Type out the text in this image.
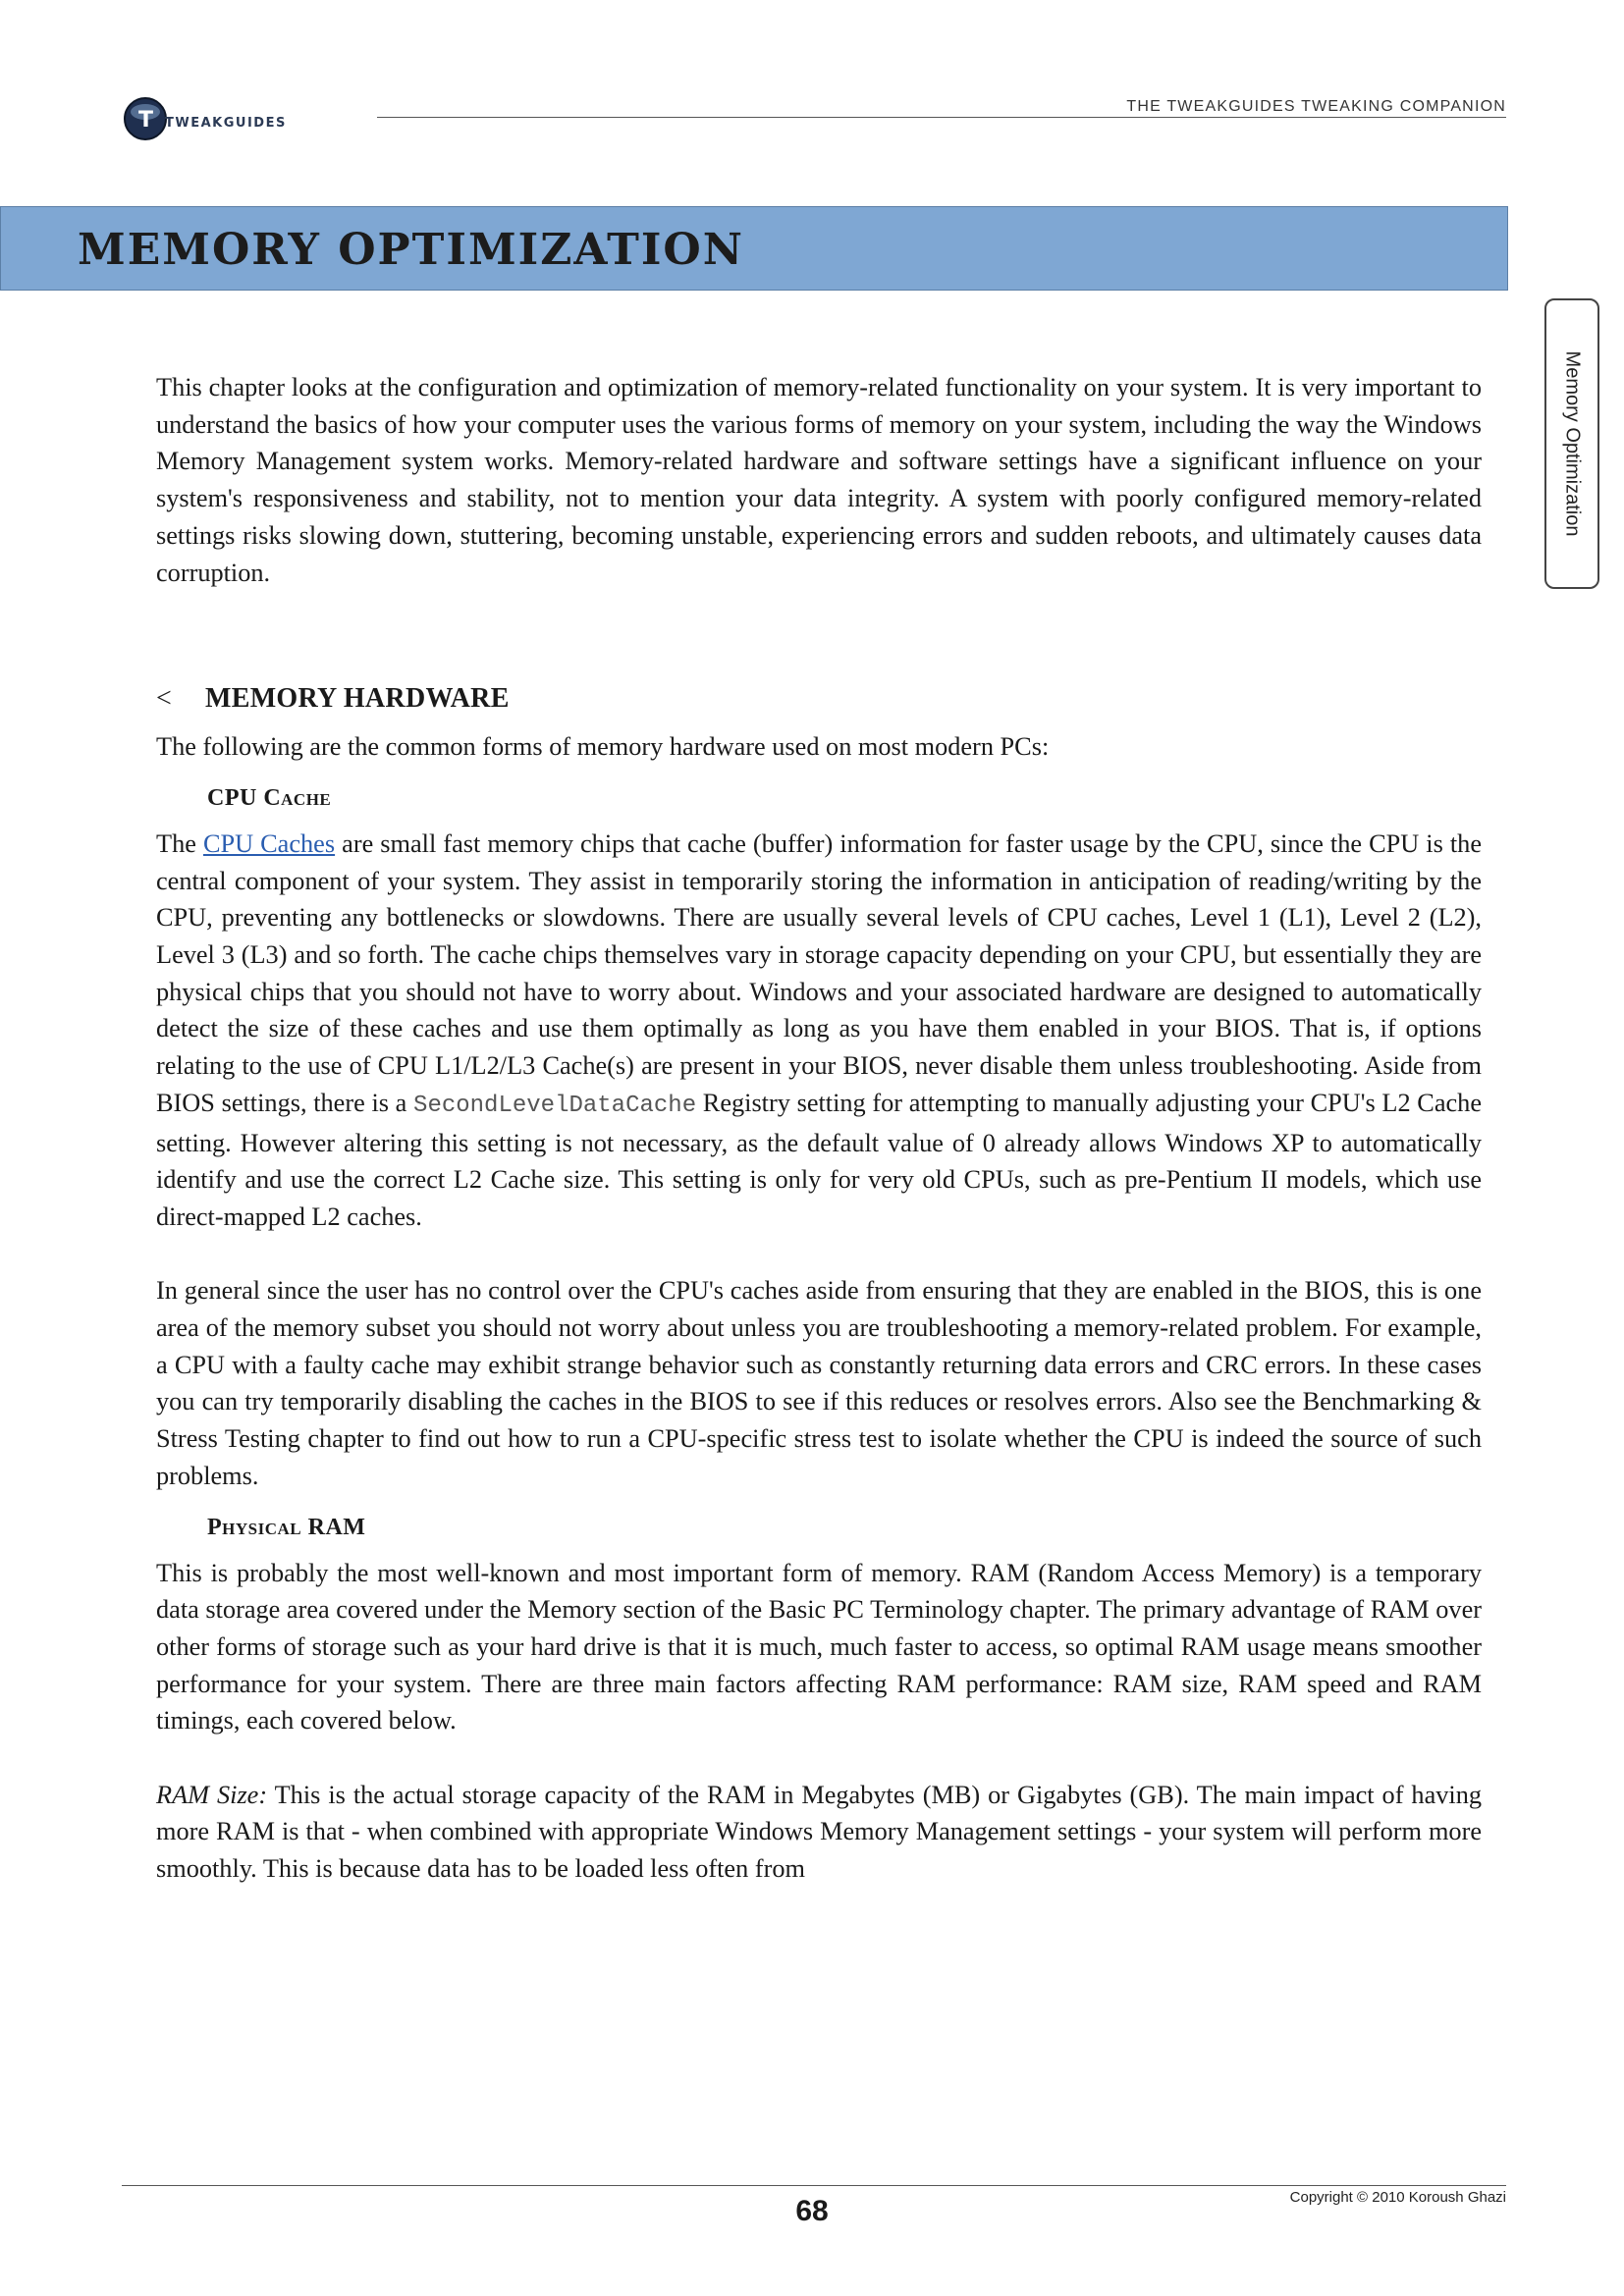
T TWEAKGUIDES
THE TWEAKGUIDES TWEAKING COMPANION
MEMORY OPTIMIZATION
Memory Optimization

This chapter looks at the configuration and optimization of memory-related functionality on your system. It is very important to understand the basics of how your computer uses the various forms of memory on your system, including the way the Windows Memory Management system works. Memory-related hardware and software settings have a significant influence on your system's responsiveness and stability, not to mention your data integrity. A system with poorly configured memory-related settings risks slowing down, stuttering, becoming unstable, experiencing errors and sudden reboots, and ultimately causes data corruption.

< MEMORY HARDWARE

The following are the common forms of memory hardware used on most modern PCs:

CPU Cache

The CPU Caches are small fast memory chips that cache (buffer) information for faster usage by the CPU, since the CPU is the central component of your system. They assist in temporarily storing the information in anticipation of reading/writing by the CPU, preventing any bottlenecks or slowdowns. There are usually several levels of CPU caches, Level 1 (L1), Level 2 (L2), Level 3 (L3) and so forth. The cache chips themselves vary in storage capacity depending on your CPU, but essentially they are physical chips that you should not have to worry about. Windows and your associated hardware are designed to automatically detect the size of these caches and use them optimally as long as you have them enabled in your BIOS. That is, if options relating to the use of CPU L1/L2/L3 Cache(s) are present in your BIOS, never disable them unless troubleshooting. Aside from BIOS settings, there is a SecondLevelDataCache Registry setting for attempting to manually adjusting your CPU's L2 Cache setting. However altering this setting is not necessary, as the default value of 0 already allows Windows XP to automatically identify and use the correct L2 Cache size. This setting is only for very old CPUs, such as pre-Pentium II models, which use direct-mapped L2 caches.

In general since the user has no control over the CPU's caches aside from ensuring that they are enabled in the BIOS, this is one area of the memory subset you should not worry about unless you are troubleshooting a memory-related problem. For example, a CPU with a faulty cache may exhibit strange behavior such as constantly returning data errors and CRC errors. In these cases you can try temporarily disabling the caches in the BIOS to see if this reduces or resolves errors. Also see the Benchmarking & Stress Testing chapter to find out how to run a CPU-specific stress test to isolate whether the CPU is indeed the source of such problems.

Physical RAM

This is probably the most well-known and most important form of memory. RAM (Random Access Memory) is a temporary data storage area covered under the Memory section of the Basic PC Terminology chapter. The primary advantage of RAM over other forms of storage such as your hard drive is that it is much, much faster to access, so optimal RAM usage means smoother performance for your system. There are three main factors affecting RAM performance: RAM size, RAM speed and RAM timings, each covered below.

RAM Size: This is the actual storage capacity of the RAM in Megabytes (MB) or Gigabytes (GB). The main impact of having more RAM is that - when combined with appropriate Windows Memory Management settings - your system will perform more smoothly. This is because data has to be loaded less often from

68	Copyright © 2010 Koroush Ghazi
